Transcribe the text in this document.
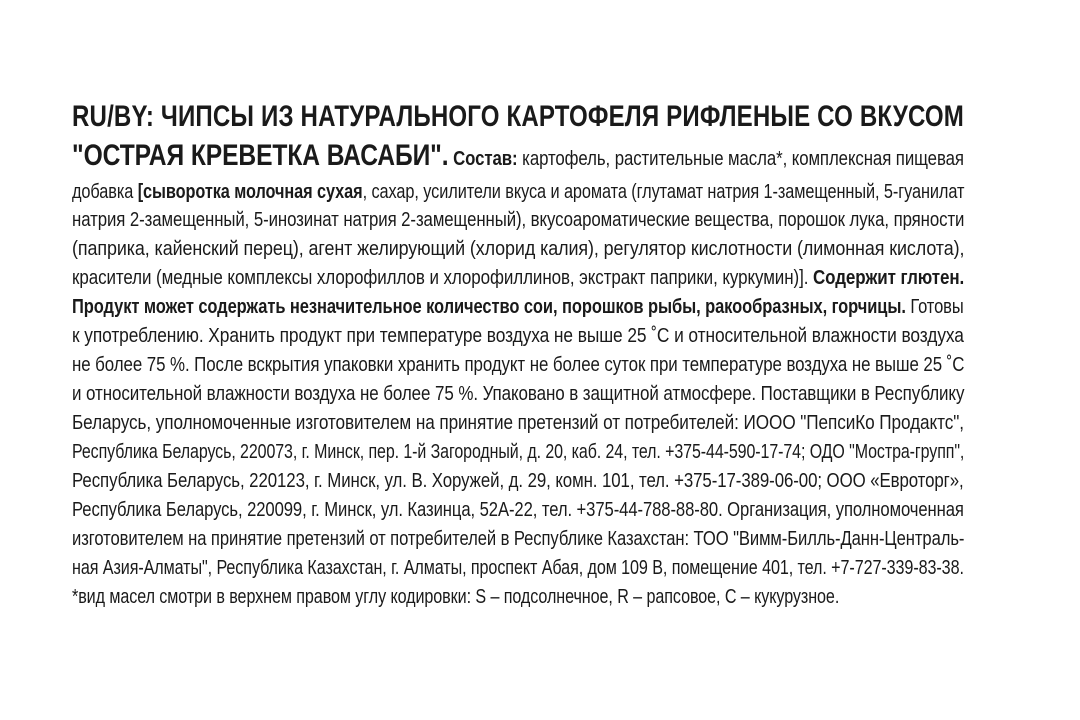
RU/BY: ЧИПСЫ ИЗ НАТУРАЛЬНОГО КАРТОФЕЛЯ РИФЛЕНЫЕ СО ВКУСОМ
"ОСТРАЯ КРЕВЕТКА ВАСАБИ". Состав: картофель, растительные масла*, комплексная пищевая
добавка [сыворотка молочная сухая, сахар, усилители вкуса и аромата (глутамат натрия 1-замещенный, 5-гуанилат
натрия 2-замещенный, 5-инозинат натрия 2-замещенный), вкусоароматические вещества, порошок лука, пряности
(паприка, кайенский перец), агент желирующий (хлорид калия), регулятор кислотности (лимонная кислота),
красители (медные комплексы хлорофиллов и хлорофиллинов, экстракт паприки, куркумин)]. Содержит глютен.
Продукт может содержать незначительное количество сои, порошков рыбы, ракообразных, горчицы. Готовы
к употреблению. Хранить продукт при температуре воздуха не выше 25 ˚С и относительной влажности воздуха
не более 75 %. После вскрытия упаковки хранить продукт не более суток при температуре воздуха не выше 25 ˚С
и относительной влажности воздуха не более 75 %. Упаковано в защитной атмосфере. Поставщики в Республику
Беларусь, уполномоченные изготовителем на принятие претензий от потребителей: ИООО "ПепсиКо Продактс",
Республика Беларусь, 220073, г. Минск, пер. 1-й Загородный, д. 20, каб. 24, тел. +375-44-590-17-74; ОДО "Мостра-групп",
Республика Беларусь, 220123, г. Минск, ул. В. Хоружей, д. 29, комн. 101, тел. +375-17-389-06-00; ООО «Евроторг»,
Республика Беларусь, 220099, г. Минск, ул. Казинца, 52А-22, тел. +375-44-788-88-80. Организация, уполномоченная
изготовителем на принятие претензий от потребителей в Республике Казахстан: ТОО "Вимм-Билль-Данн-Централь-
ная Азия-Алматы", Республика Казахстан, г. Алматы, проспект Абая, дом 109 В, помещение 401, тел. +7-727-339-83-38.
*вид масел смотри в верхнем правом углу кодировки: S – подсолнечное, R – рапсовое, С – кукурузное.
